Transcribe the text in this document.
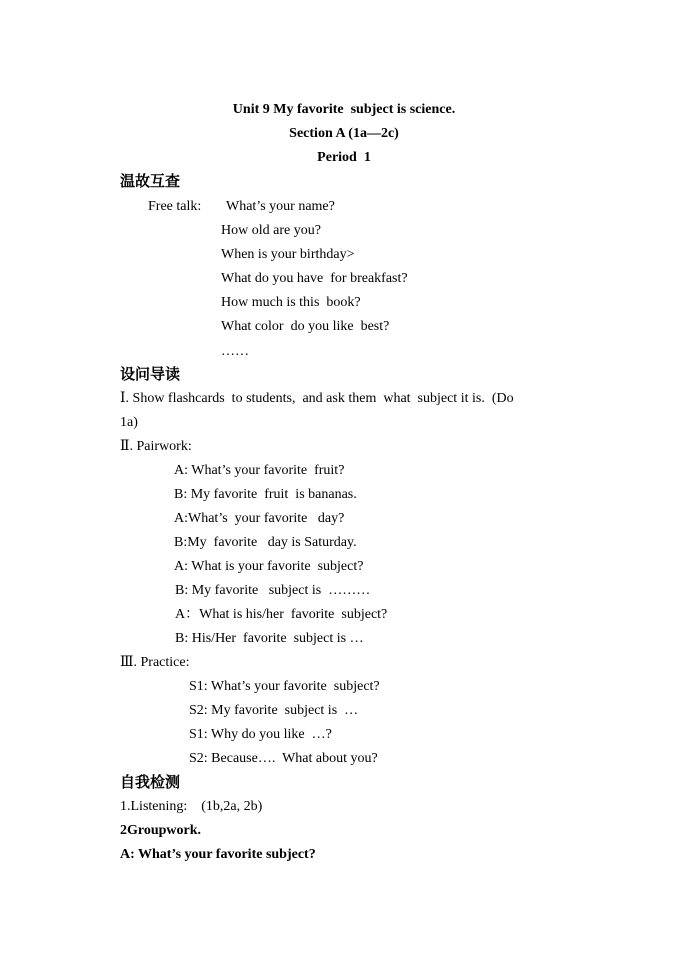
Unit 9 My favorite  subject is science.
Section A (1a—2c)
Period  1
温故互查
Free talk: What’s your name?
How old are you?
When is your birthday>
What do you have  for breakfast?
How much is this  book?
What color  do you like  best?
……
设问导读
Ⅰ. Show flashcards  to students,  and ask them  what  subject it is.  (Do
1a)
Ⅱ. Pairwork:
A: What’s your favorite  fruit?
B: My favorite  fruit  is bananas.
A:What’s  your favorite   day?
B:My  favorite   day is Saturday.
A: What is your favorite  subject?
B: My favorite   subject is  ………
A：What is his/her  favorite  subject?
B: His/Her  favorite  subject is …
Ⅲ. Practice:
S1: What’s your favorite  subject?
S2: My favorite  subject is  …
S1: Why do you like  …?
S2: Because….  What about you?
自我检测
1.Listening:    (1b,2a, 2b)
2Groupwork.
A: What’s your favorite subject?
